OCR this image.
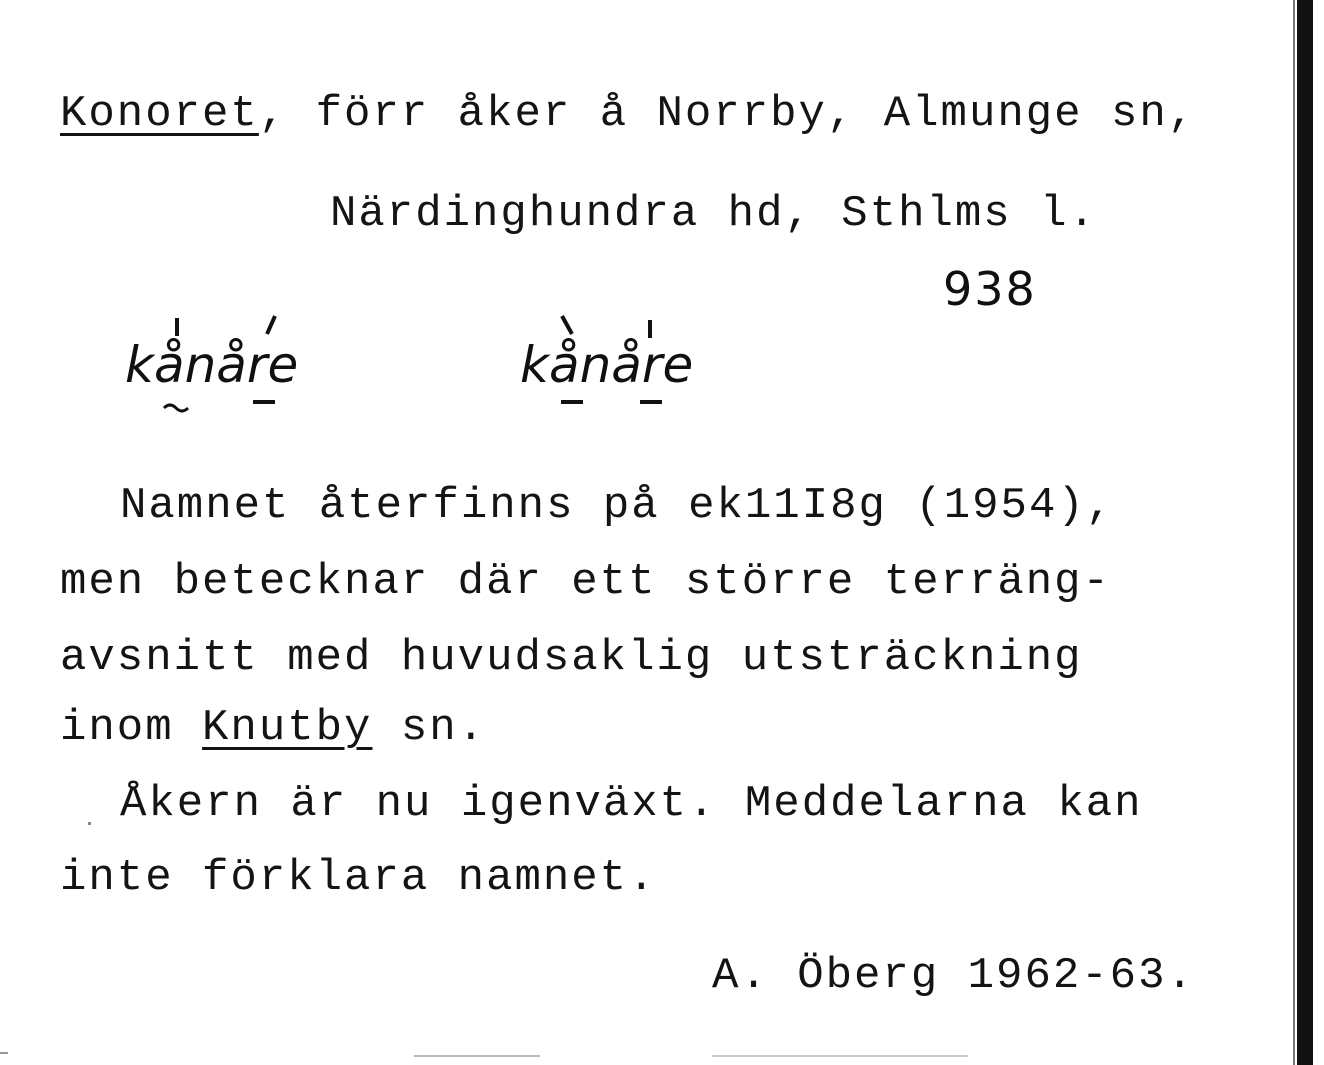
Konoret, förr åker å Norrby, Almunge sn,
Närdinghundra hd, Sthlms l.
938
kånåre	kånåre
Namnet återfinns på ek11I8g (1954),
men betecknar där ett större terräng-
avsnitt med huvudsaklig utsträckning
inom Knutby sn.
Åkern är nu igenväxt. Meddelarna kan
inte förklara namnet.
A. Öberg 1962-63.
